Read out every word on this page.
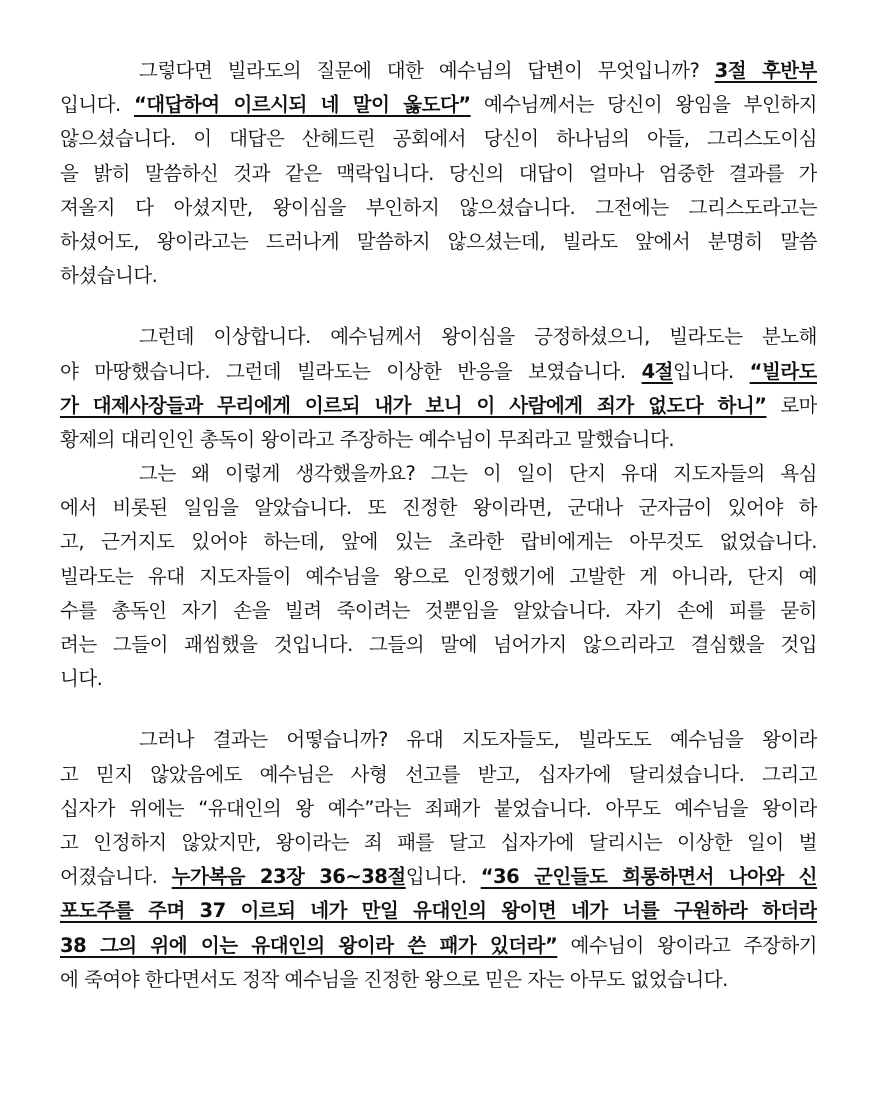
그렇다면 빌라도의 질문에 대한 예수님의 답변이 무엇입니까? 3절 후반부
입니다. “대답하여 이르시되 네 말이 옳도다” 예수님께서는 당신이 왕임을 부인하지
않으셨습니다. 이 대답은 산헤드린 공회에서 당신이 하나님의 아들, 그리스도이심
을 밝히 말씀하신 것과 같은 맥락입니다. 당신의 대답이 얼마나 엄중한 결과를 가
져올지 다 아셨지만, 왕이심을 부인하지 않으셨습니다. 그전에는 그리스도라고는
하셨어도, 왕이라고는 드러나게 말씀하지 않으셨는데, 빌라도 앞에서 분명히 말씀
하셨습니다.
그런데 이상합니다. 예수님께서 왕이심을 긍정하셨으니, 빌라도는 분노해
야 마땅했습니다. 그런데 빌라도는 이상한 반응을 보였습니다. 4절입니다. “빌라도
가 대제사장들과 무리에게 이르되 내가 보니 이 사람에게 죄가 없도다 하니” 로마
황제의 대리인인 총독이 왕이라고 주장하는 예수님이 무죄라고 말했습니다.
그는 왜 이렇게 생각했을까요? 그는 이 일이 단지 유대 지도자들의 욕심
에서 비롯된 일임을 알았습니다. 또 진정한 왕이라면, 군대나 군자금이 있어야 하
고, 근거지도 있어야 하는데, 앞에 있는 초라한 랍비에게는 아무것도 없었습니다.
빌라도는 유대 지도자들이 예수님을 왕으로 인정했기에 고발한 게 아니라, 단지 예
수를 총독인 자기 손을 빌려 죽이려는 것뿐임을 알았습니다. 자기 손에 피를 묻히
려는 그들이 괘씸했을 것입니다. 그들의 말에 넘어가지 않으리라고 결심했을 것입
니다.
그러나 결과는 어떻습니까? 유대 지도자들도, 빌라도도 예수님을 왕이라
고 믿지 않았음에도 예수님은 사형 선고를 받고, 십자가에 달리셨습니다. 그리고
십자가 위에는 “유대인의 왕 예수”라는 죄패가 붙었습니다. 아무도 예수님을 왕이라
고 인정하지 않았지만, 왕이라는 죄 패를 달고 십자가에 달리시는 이상한 일이 벌
어졌습니다. 누가복음 23장 36~38절입니다. “36 군인들도 희롱하면서 나아와 신
포도주를 주며 37 이르되 네가 만일 유대인의 왕이면 네가 너를 구원하라 하더라
38 그의 위에 이는 유대인의 왕이라 쓴 패가 있더라” 예수님이 왕이라고 주장하기
에 죽여야 한다면서도 정작 예수님을 진정한 왕으로 믿은 자는 아무도 없었습니다.
